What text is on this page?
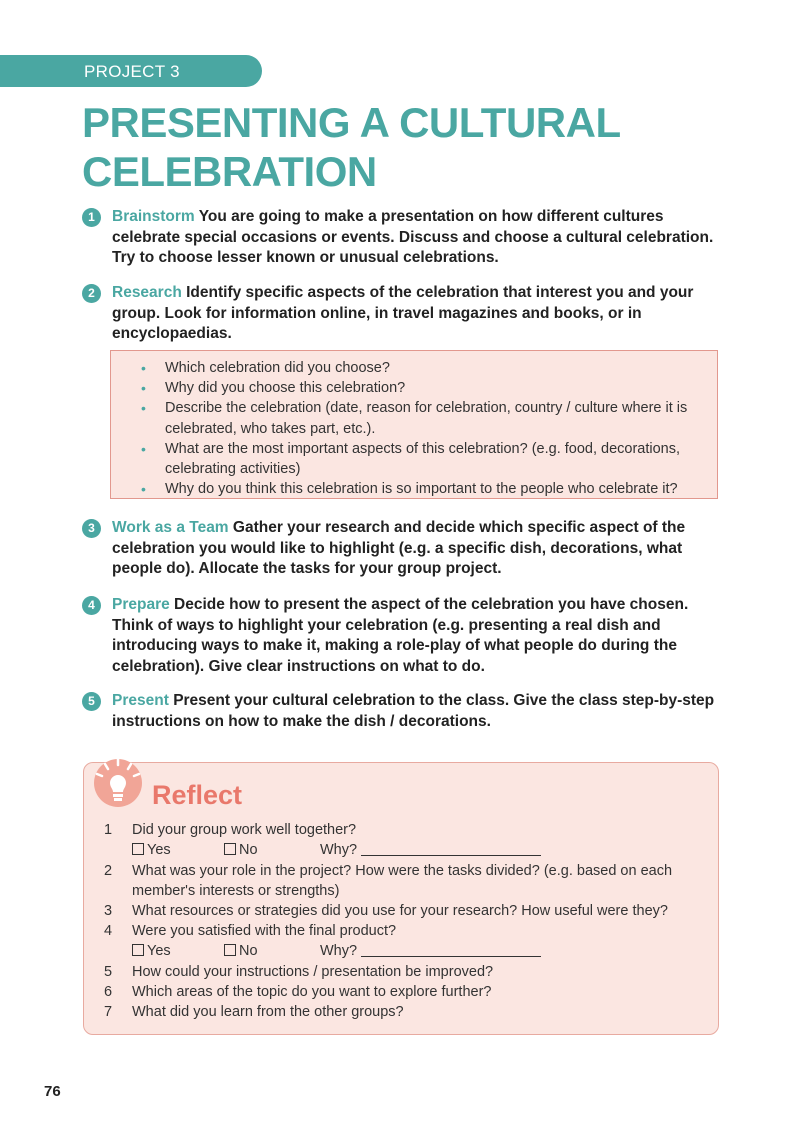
PROJECT 3
PRESENTING A CULTURAL
CELEBRATION
1	Brainstorm You are going to make a presentation on how different cultures celebrate special occasions or events. Discuss and choose a cultural celebration. Try to choose lesser known or unusual celebrations.
2	Research Identify specific aspects of the celebration that interest you and your group. Look for information online, in travel magazines and books, or in encyclopaedias.
• Which celebration did you choose?
• Why did you choose this celebration?
• Describe the celebration (date, reason for celebration, country / culture where it is celebrated, who takes part, etc.).
• What are the most important aspects of this celebration? (e.g. food, decorations, celebrating activities)
• Why do you think this celebration is so important to the people who celebrate it?
3	Work as a Team Gather your research and decide which specific aspect of the celebration you would like to highlight (e.g. a specific dish, decorations, what people do). Allocate the tasks for your group project.
4	Prepare Decide how to present the aspect of the celebration you have chosen. Think of ways to highlight your celebration (e.g. presenting a real dish and introducing ways to make it, making a role-play of what people do during the celebration). Give clear instructions on what to do.
5	Present Present your cultural celebration to the class. Give the class step-by-step instructions on how to make the dish / decorations.
Reflect
1	Did your group work well together?
Yes	No	Why?
2	What was your role in the project? How were the tasks divided? (e.g. based on each member's interests or strengths)
3	What resources or strategies did you use for your research? How useful were they?
4	Were you satisfied with the final product?
Yes	No	Why?
5	How could your instructions / presentation be improved?
6	Which areas of the topic do you want to explore further?
7	What did you learn from the other groups?
76
